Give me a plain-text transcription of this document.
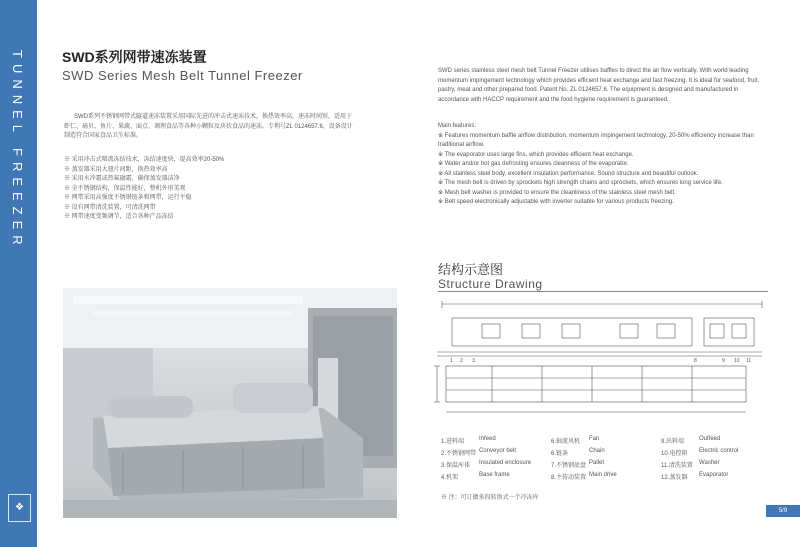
TUNNEL
FREEZER
❖
SWD系列网带速冻装置
SWD Series Mesh Belt Tunnel Freezer
SWD系列不锈钢网带式隧道速冻装置采用国际先进的冲击式速冻技术，换热效率高，速冻时间短，适用于虾仁、扇贝、鱼片、果蔬、面点、调理食品等各种小颗粒及块状食品的速冻。专利号ZL 0124657.6，设备设计制造符合国家食品卫生标准。
※ 采用冲击式喷流冻结技术，冻结速度快，提高效率20-50%
※ 蒸发器采用大翅片间距，换热效率高
※ 采用水冲霜或热氟融霜，确保蒸发器洁净
※ 全不锈钢结构，保温性能好，整机外形美观
※ 网带采用高强度不锈钢链条和网带，运行平稳
※ 设有网带清洗装置，可清洗网带
※ 网带速度变频调节，适合各种产品冻结
SWD series stainless steel mesh belt Tunnel Freezer utilises baffles to direct the air flow vertically. With world leading momentum impingement technology which provides efficient heat exchange and fast freezing. It is ideal for seafood, fruit, pastry, meat and other prepared food. Patent No. ZL 0124657.6. The equipment is designed and manufactured in accordance with HACCP requirement and the food hygiene requirement is guaranteed.
Main features:
※ Features momentum baffle airflow distribution, momentum impingement technology, 20-50% efficiency increase than traditional airflow.
※ The evaporator uses large fins, which provides efficient heat exchange.
※ Water and/or hot gas defrosting ensures cleanness of the evaporator.
※ All stainless steel body, excellent insulation performance. Sound structure and beautiful outlook.
※ The mesh belt is driven by sprockets high strength chains and sprockets, which ensures long service life.
※ Mesh belt washer is provided to ensure the cleanliness of the stainless steel mesh belt.
※ Belt speed electronically adjustable with inverter suitable for various products freezing.
结构示意图
Structure Drawing
1 2 3	8	9 10 11
1.进料端	Infeed	6.轴流风机	Fan	9.出料端	Outfeed
2.不锈钢网带 Conveyor belt	6.链条	Chain	10.电控箱	Electric control
3.保温库体	Insulated enclosure	7.不锈钢底盘 Pallet	11.清洗装置	Washer
4.机架	Base frame	8.主传动装置 Main drive	12.蒸发器	Evaporator
※ 注：可订做多段转换式一个冷冻库
5/9
